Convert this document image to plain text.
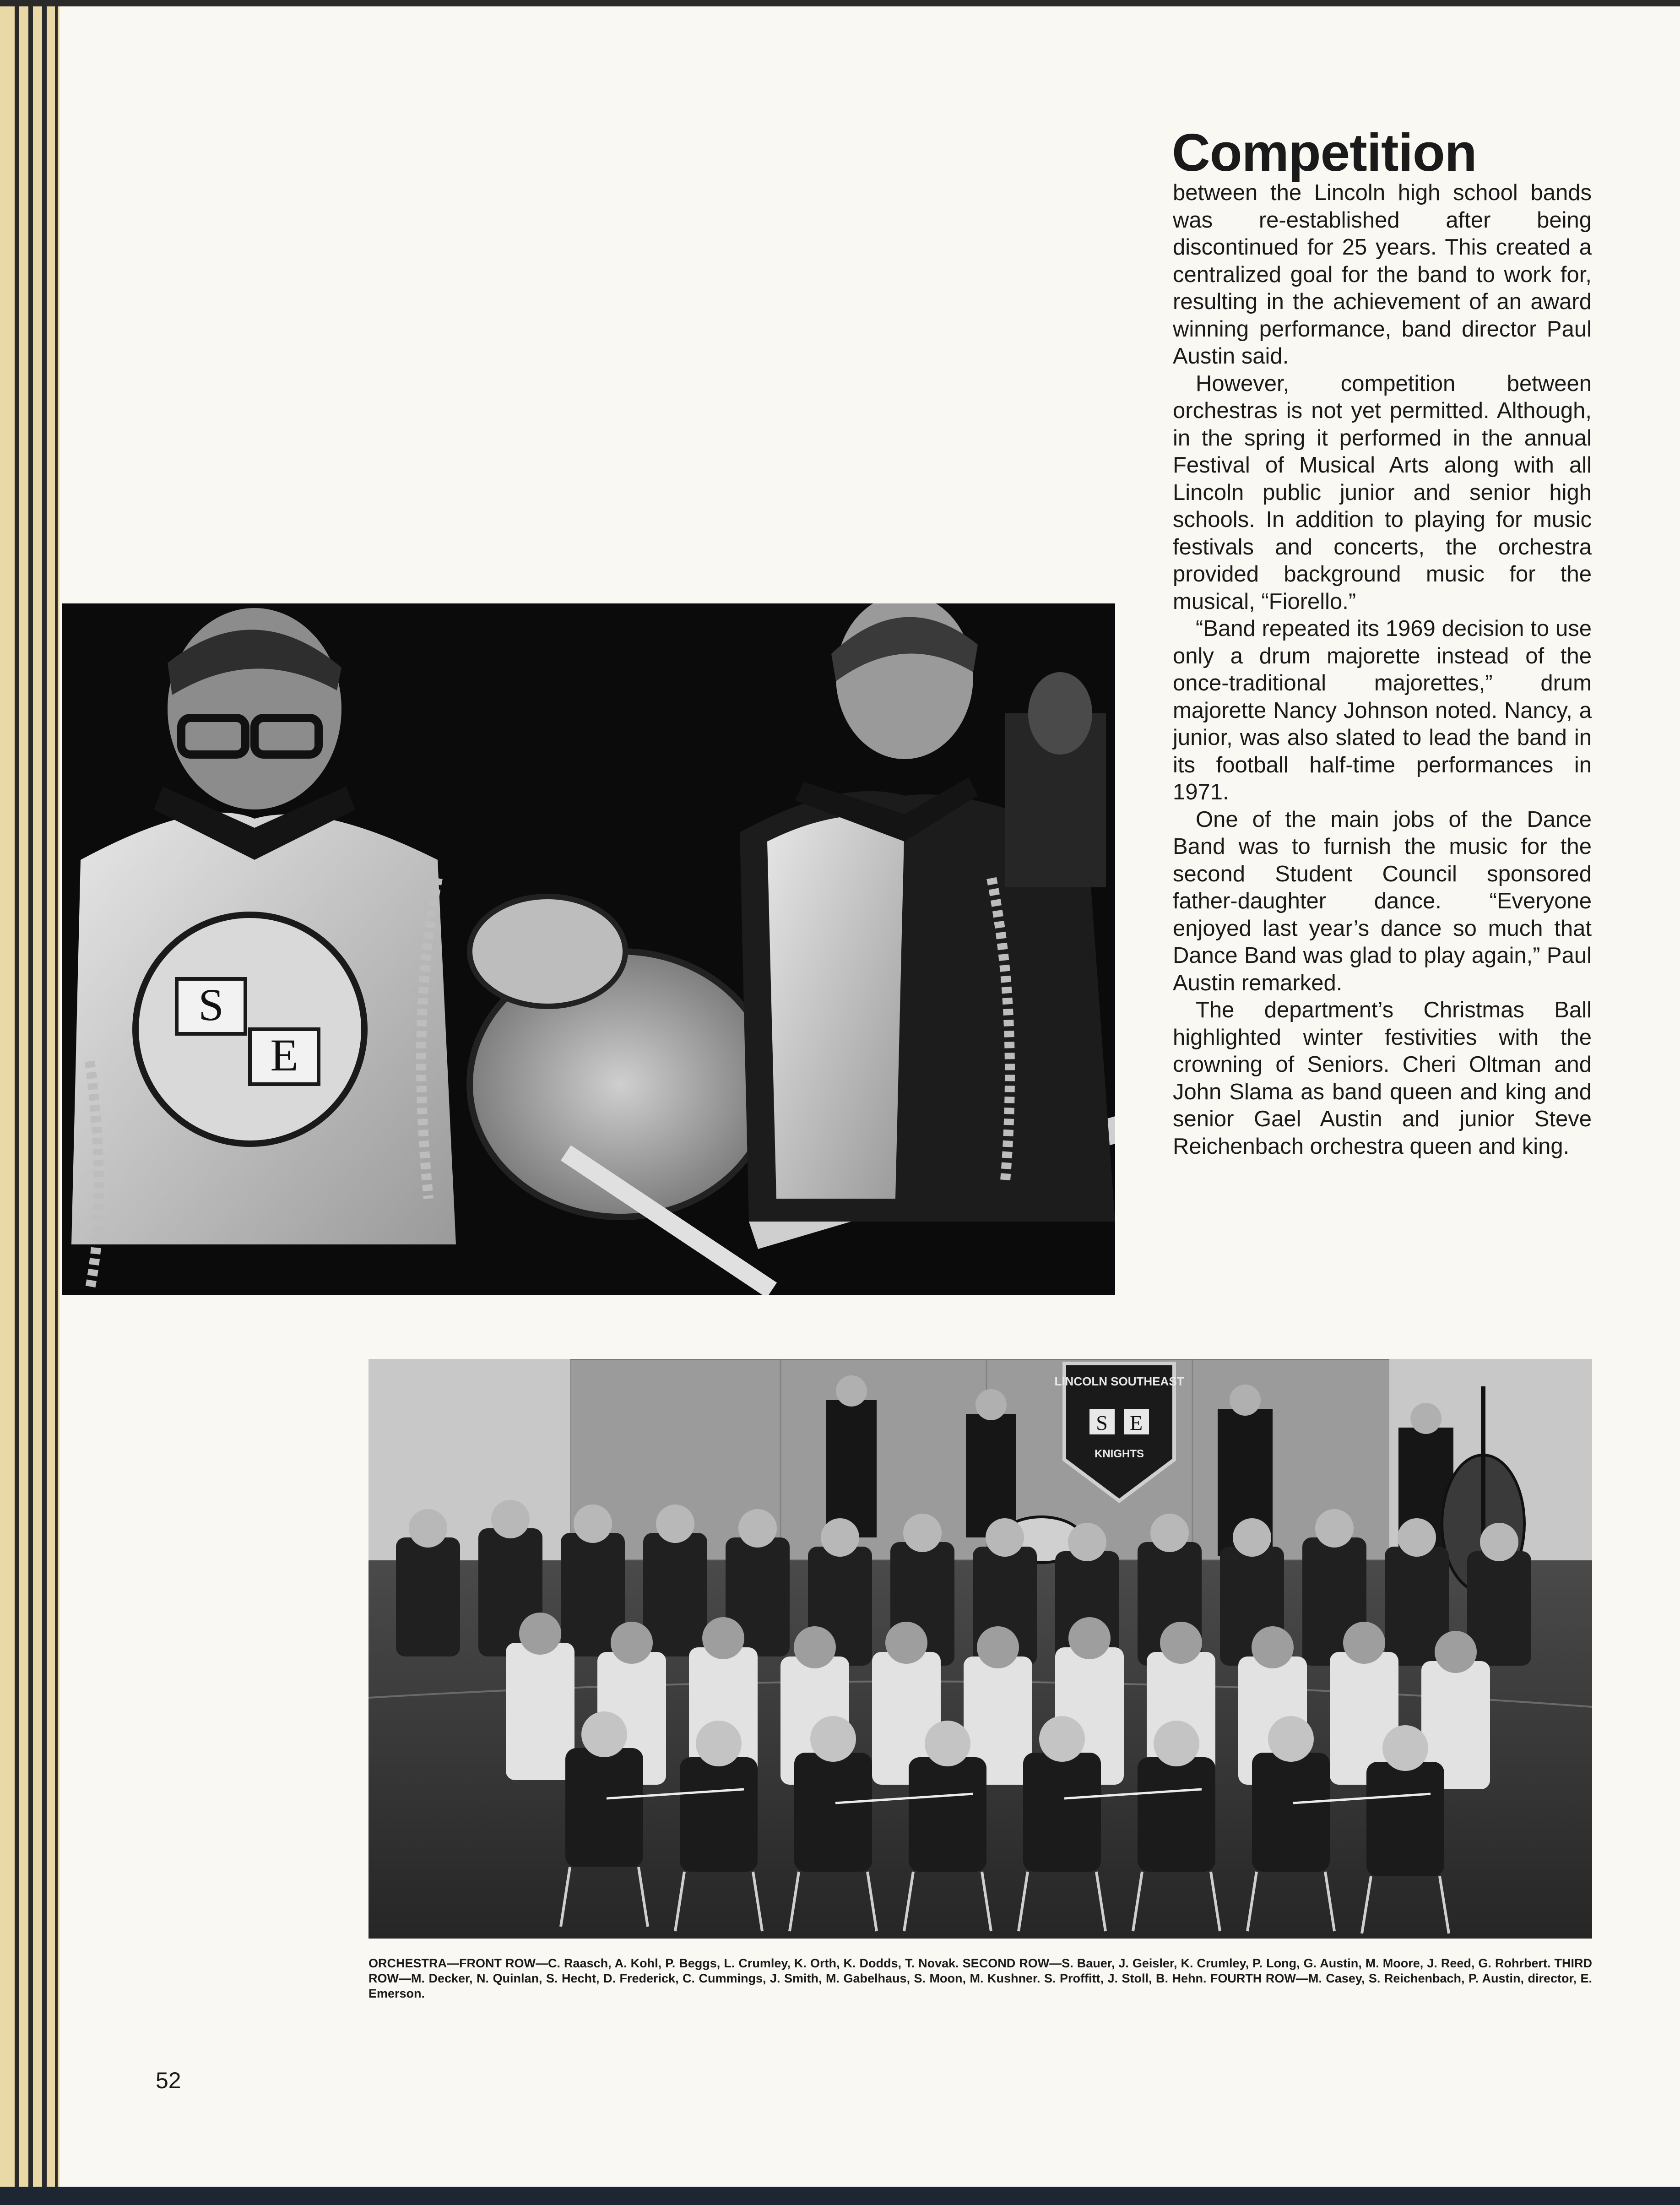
Competition

between the Lincoln high school bands was re-established after being discontinued for 25 years. This created a centralized goal for the band to work for, resulting in the achievement of an award winning performance, band director Paul Austin said.

However, competition between orchestras is not yet permitted. Although, in the spring it performed in the annual Festival of Musical Arts along with all Lincoln public junior and senior high schools. In addition to playing for music festivals and concerts, the orchestra provided background music for the musical, “Fiorello.”

“Band repeated its 1969 decision to use only a drum majorette instead of the once-traditional majorettes,” drum majorette Nancy Johnson noted. Nancy, a junior, was also slated to lead the band in its football half-time performances in 1971.

One of the main jobs of the Dance Band was to furnish the music for the second Student Council sponsored father-daughter dance. “Everyone enjoyed last year’s dance so much that Dance Band was glad to play again,” Paul Austin remarked.

The department’s Christmas Ball highlighted winter festivities with the crowning of Seniors. Cheri Oltman and John Slama as band queen and king and senior Gael Austin and junior Steve Reichenbach orchestra queen and king.

S
E
LINCOLN SOUTHEAST
S E
KNIGHTS
ORCHESTRA—FRONT ROW—C. Raasch, A. Kohl, P. Beggs, L. Crumley, K. Orth, K. Dodds, T. Novak. SECOND ROW—S. Bauer, J. Geisler, K. Crumley, P. Long, G. Austin, M. Moore, J. Reed, G. Rohrbert. THIRD ROW—M. Decker, N. Quinlan, S. Hecht, D. Frederick, C. Cummings, J. Smith, M. Gabelhaus, S. Moon, M. Kushner. S. Proffitt, J. Stoll, B. Hehn. FOURTH ROW—M. Casey, S. Reichenbach, P. Austin, director, E. Emerson.
52
